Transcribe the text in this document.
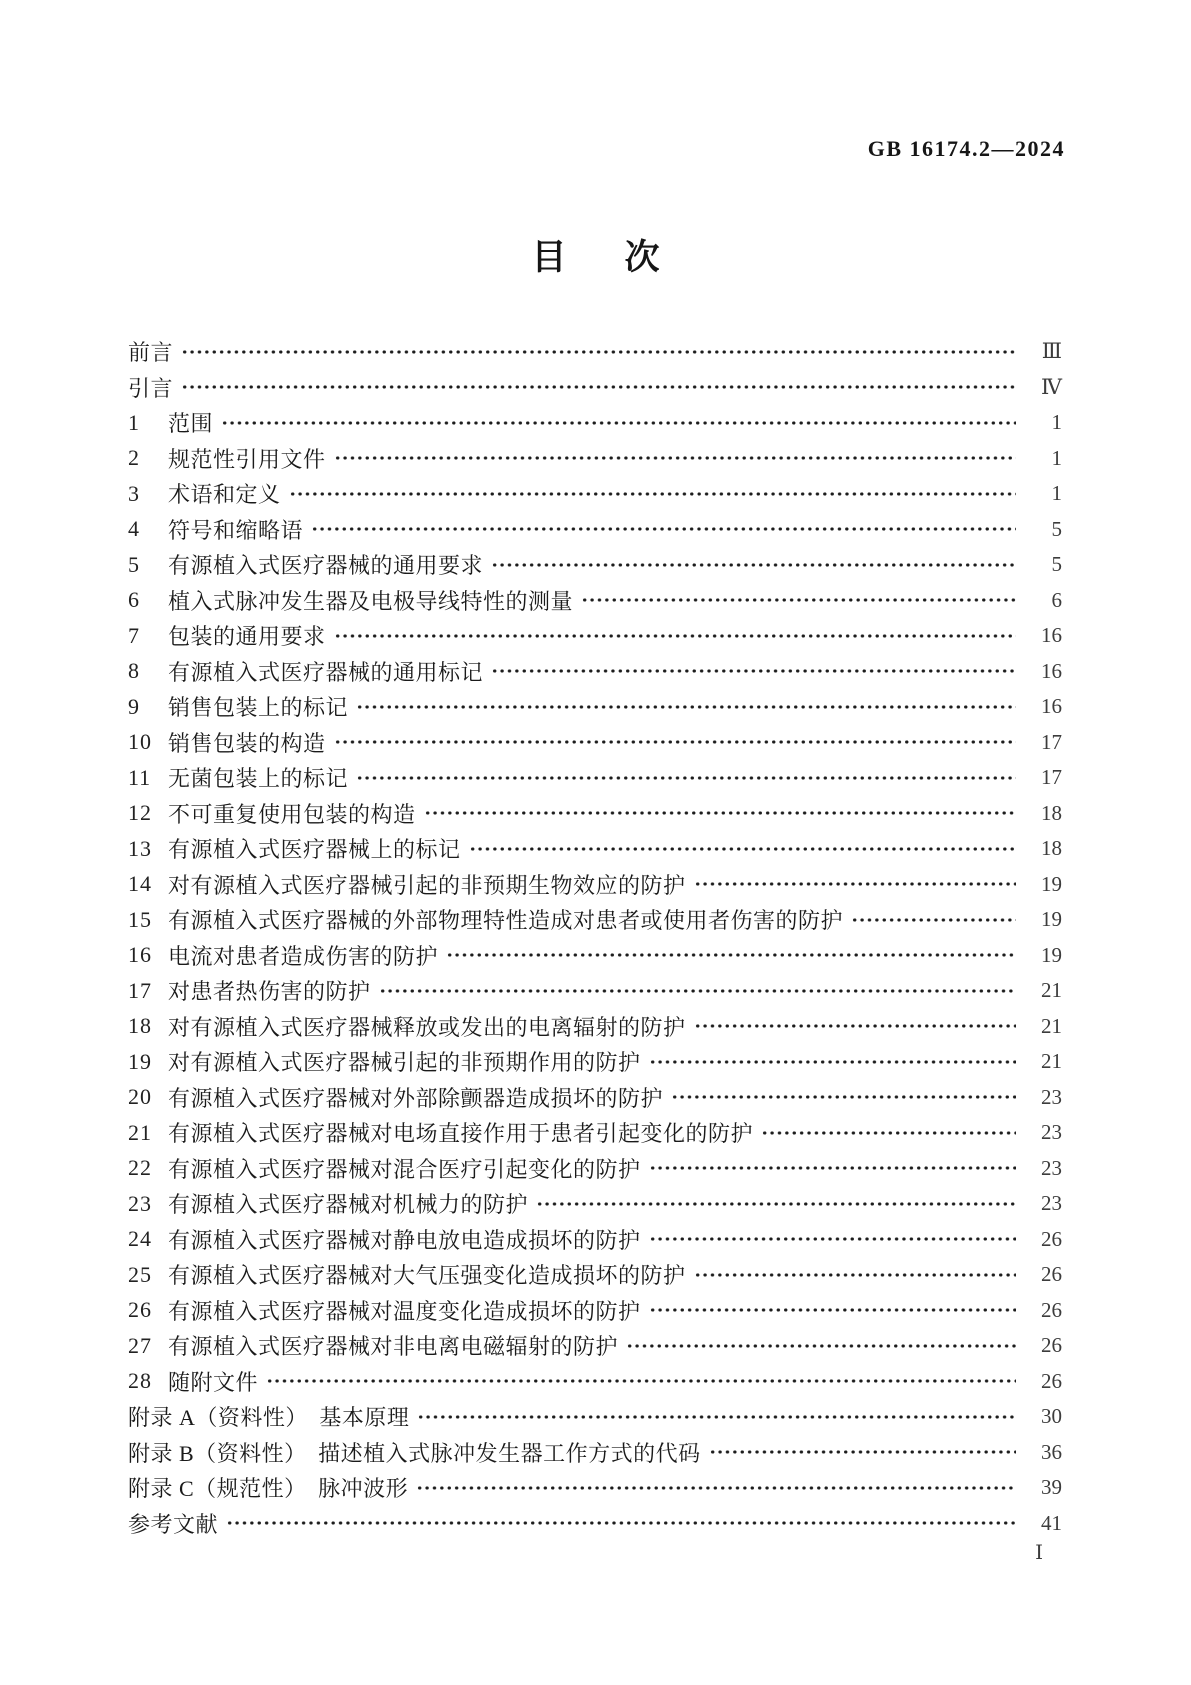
GB 16174.2—2024
目 次
前言	Ⅲ
引言	Ⅳ
1	范围	1
2	规范性引用文件	1
3	术语和定义	1
4	符号和缩略语	5
5	有源植入式医疗器械的通用要求	5
6	植入式脉冲发生器及电极导线特性的测量	6
7	包装的通用要求	16
8	有源植入式医疗器械的通用标记	16
9	销售包装上的标记	16
10 销售包装的构造	17
11 无菌包装上的标记	17
12 不可重复使用包装的构造	18
13 有源植入式医疗器械上的标记	18
14 对有源植入式医疗器械引起的非预期生物效应的防护	19
15 有源植入式医疗器械的外部物理特性造成对患者或使用者伤害的防护	19
16 电流对患者造成伤害的防护	19
17 对患者热伤害的防护	21
18 对有源植入式医疗器械释放或发出的电离辐射的防护	21
19 对有源植入式医疗器械引起的非预期作用的防护	21
20 有源植入式医疗器械对外部除颤器造成损坏的防护	23
21 有源植入式医疗器械对电场直接作用于患者引起变化的防护	23
22 有源植入式医疗器械对混合医疗引起变化的防护	23
23 有源植入式医疗器械对机械力的防护	23
24 有源植入式医疗器械对静电放电造成损坏的防护	26
25 有源植入式医疗器械对大气压强变化造成损坏的防护	26
26 有源植入式医疗器械对温度变化造成损坏的防护	26
27 有源植入式医疗器械对非电离电磁辐射的防护	26
28 随附文件	26
附录 A（资料性）　基本原理	30
附录 B（资料性）　描述植入式脉冲发生器工作方式的代码	36
附录 C（规范性）　脉冲波形	39
参考文献	41
Ⅰ
